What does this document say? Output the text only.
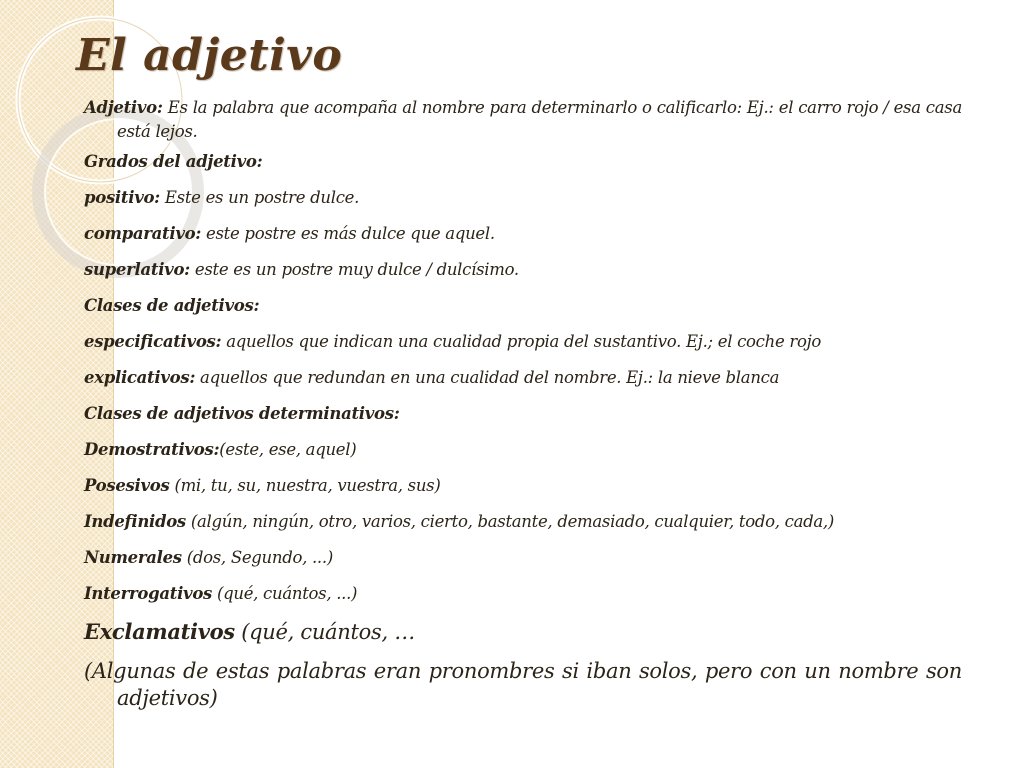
El adjetivo

Adjetivo: Es la palabra que acompaña al nombre para determinarlo o calificarlo: Ej.: el carro rojo / esa casa está lejos.

Grados del adjetivo:

positivo: Este es un postre dulce.

comparativo: este postre es más dulce que aquel.

superlativo: este es un postre muy dulce / dulcísimo.

Clases de adjetivos:

especificativos: aquellos que indican una cualidad propia del sustantivo. Ej.; el coche rojo

explicativos: aquellos que redundan en una cualidad del nombre. Ej.: la nieve blanca

Clases de adjetivos determinativos:

Demostrativos:(este, ese, aquel)

Posesivos (mi, tu, su, nuestra, vuestra, sus)

Indefinidos (algún, ningún, otro, varios, cierto, bastante, demasiado, cualquier, todo, cada,)

Numerales (dos, Segundo, ...)

Interrogativos (qué, cuántos, ...)

Exclamativos (qué, cuántos, …

(Algunas de estas palabras eran pronombres si iban solos, pero con un nombre son adjetivos)
